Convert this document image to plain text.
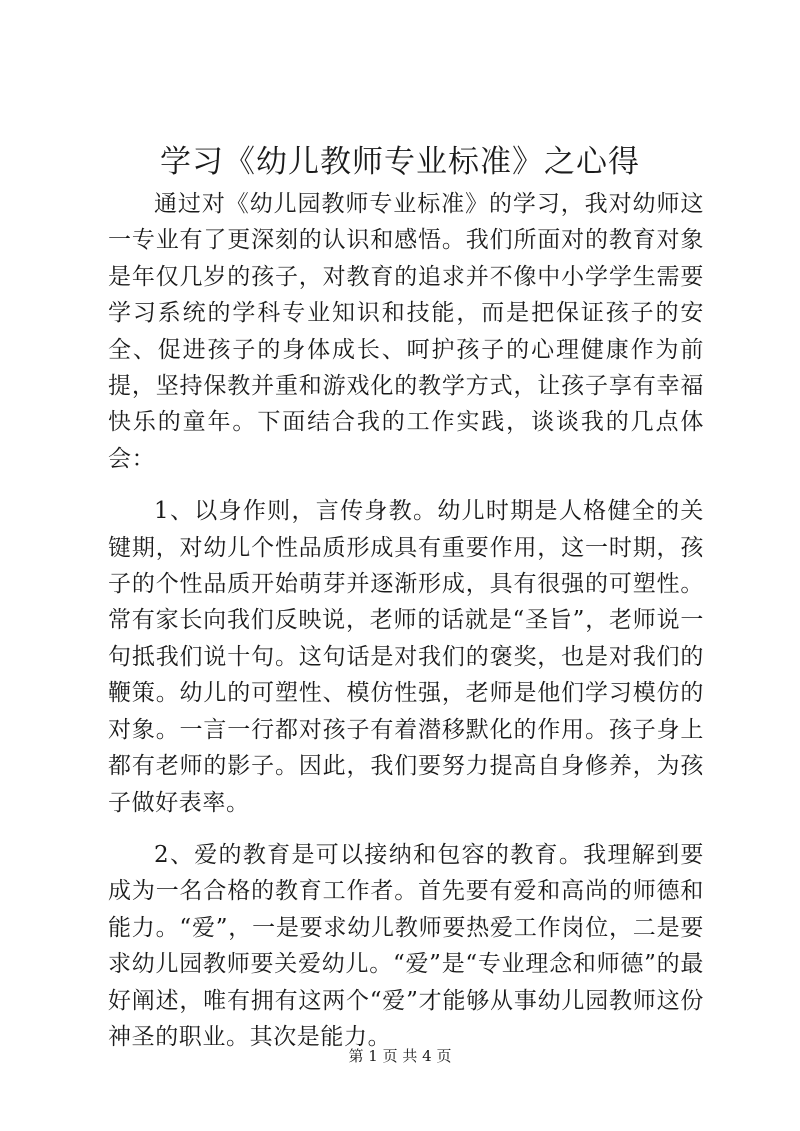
学习《幼儿教师专业标准》之心得

通过对《幼儿园教师专业标准》的学习，我对幼师这一专业有了更深刻的认识和感悟。我们所面对的教育对象是年仅几岁的孩子，对教育的追求并不像中小学学生需要学习系统的学科专业知识和技能，而是把保证孩子的安全、促进孩子的身体成长、呵护孩子的心理健康作为前提，坚持保教并重和游戏化的教学方式，让孩子享有幸福快乐的童年。下面结合我的工作实践，谈谈我的几点体会：

1、以身作则，言传身教。幼儿时期是人格健全的关键期，对幼儿个性品质形成具有重要作用，这一时期，孩子的个性品质开始萌芽并逐渐形成，具有很强的可塑性。常有家长向我们反映说，老师的话就是“圣旨”，老师说一句抵我们说十句。这句话是对我们的褒奖，也是对我们的鞭策。幼儿的可塑性、模仿性强，老师是他们学习模仿的对象。一言一行都对孩子有着潜移默化的作用。孩子身上都有老师的影子。因此，我们要努力提高自身修养，为孩子做好表率。

2、爱的教育是可以接纳和包容的教育。我理解到要成为一名合格的教育工作者。首先要有爱和高尚的师德和能力。“爱”，一是要求幼儿教师要热爱工作岗位，二是要求幼儿园教师要关爱幼儿。“爱”是“专业理念和师德”的最好阐述，唯有拥有这两个“爱”才能够从事幼儿园教师这份神圣的职业。其次是能力。

第 1 页 共 4 页
